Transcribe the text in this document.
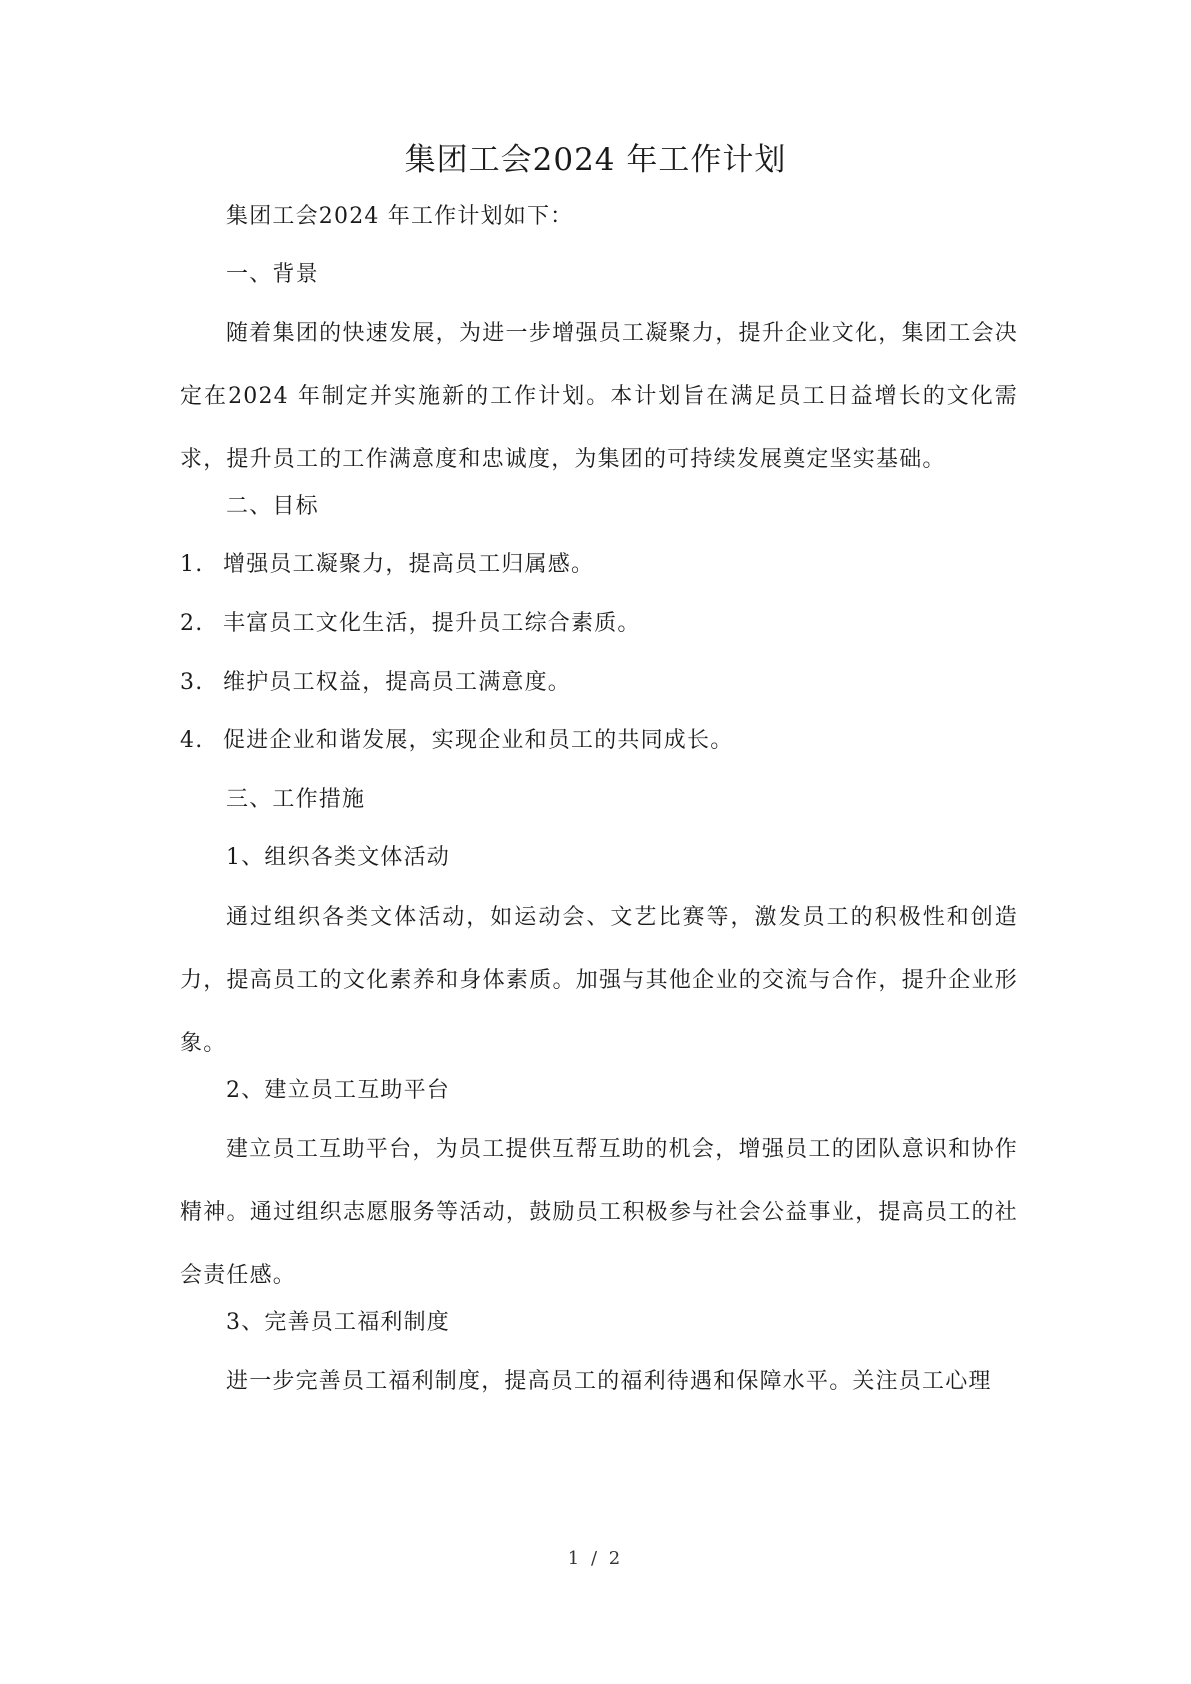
集团工会2024 年工作计划
集团工会2024 年工作计划如下：
一、背景

随着集团的快速发展，为进一步增强员工凝聚力，提升企业文化，集团工会决定在2024 年制定并实施新的工作计划。本计划旨在满足员工日益增长的文化需求，提升员工的工作满意度和忠诚度，为集团的可持续发展奠定坚实基础。

二、目标
1. 增强员工凝聚力，提高员工归属感。
2. 丰富员工文化生活，提升员工综合素质。
3. 维护员工权益，提高员工满意度。
4. 促进企业和谐发展，实现企业和员工的共同成长。
三、工作措施
1、组织各类文体活动

通过组织各类文体活动，如运动会、文艺比赛等，激发员工的积极性和创造力，提高员工的文化素养和身体素质。加强与其他企业的交流与合作，提升企业形象。

2、建立员工互助平台

建立员工互助平台，为员工提供互帮互助的机会，增强员工的团队意识和协作精神。通过组织志愿服务等活动，鼓励员工积极参与社会公益事业，提高员工的社会责任感。

3、完善员工福利制度

进一步完善员工福利制度，提高员工的福利待遇和保障水平。关注员工心理

1 / 2
